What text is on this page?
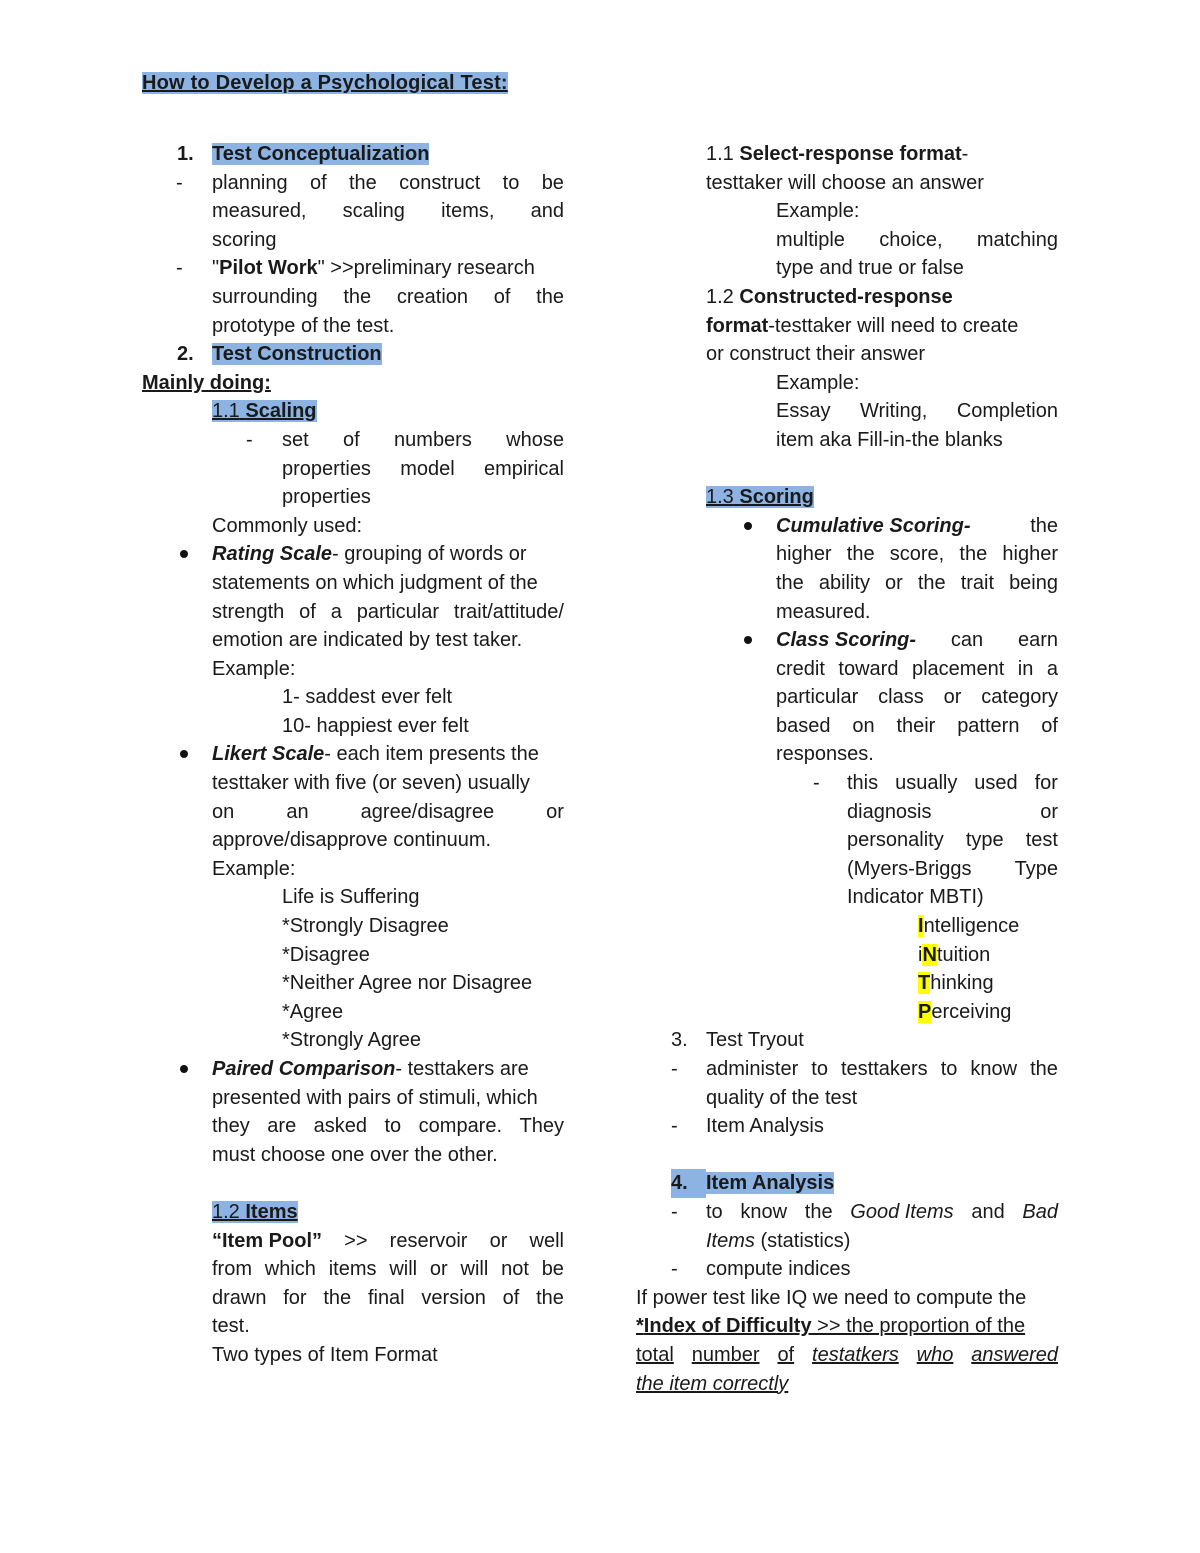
How to Develop a Psychological Test:
1. Test Conceptualization
- planning of the construct to be
measured, scaling items, and
scoring
- "Pilot Work" >>preliminary research
surrounding the creation of the
prototype of the test.
2. Test Construction
Mainly doing:
1.1 Scaling
- set of numbers whose
properties model empirical
properties
Commonly used:
Rating Scale- grouping of words or
statements on which judgment of the
strength of a particular trait/attitude/
emotion are indicated by test taker.
Example:
1- saddest ever felt
10- happiest ever felt
Likert Scale- each item presents the
testtaker with five (or seven) usually
on	an	agree/disagree	or
approve/disapprove continuum.
Example:
Life is Suffering
*Strongly Disagree
*Disagree
*Neither Agree nor Disagree
*Agree
*Strongly Agree
Paired Comparison- testtakers are
presented with pairs of stimuli, which
they are asked to compare. They
must choose one over the other.
1.2 Items
“Item Pool” >> reservoir or well
from which items will or will not be
drawn for the final version of the
test.
Two types of Item Format
1.1 Select-response format-
testtaker will choose an answer
Example:
multiple choice, matching
type and true or false
1.2 Constructed-response
format-testtaker will need to create
or construct their answer
Example:
Essay Writing, Completion
item aka Fill-in-the blanks
1.3 Scoring
Cumulative Scoring-	the
higher the score, the higher
the ability or the trait being
measured.
Class Scoring- can earn
credit toward placement in a
particular class or category
based on their pattern of
responses.
- this usually used for
diagnosis	or
personality type test
(Myers-Briggs Type
Indicator MBTI)
Intelligence
iNtuition
Thinking
Perceiving
3. Test Tryout
- administer to testtakers to know the
quality of the test
- Item Analysis
4. Item Analysis
- to know the Good Items and Bad
Items (statistics)
- compute indices
If power test like IQ we need to compute the
*Index of Difficulty >> the proportion of the
total number of testatkers who answered
the item correctly
